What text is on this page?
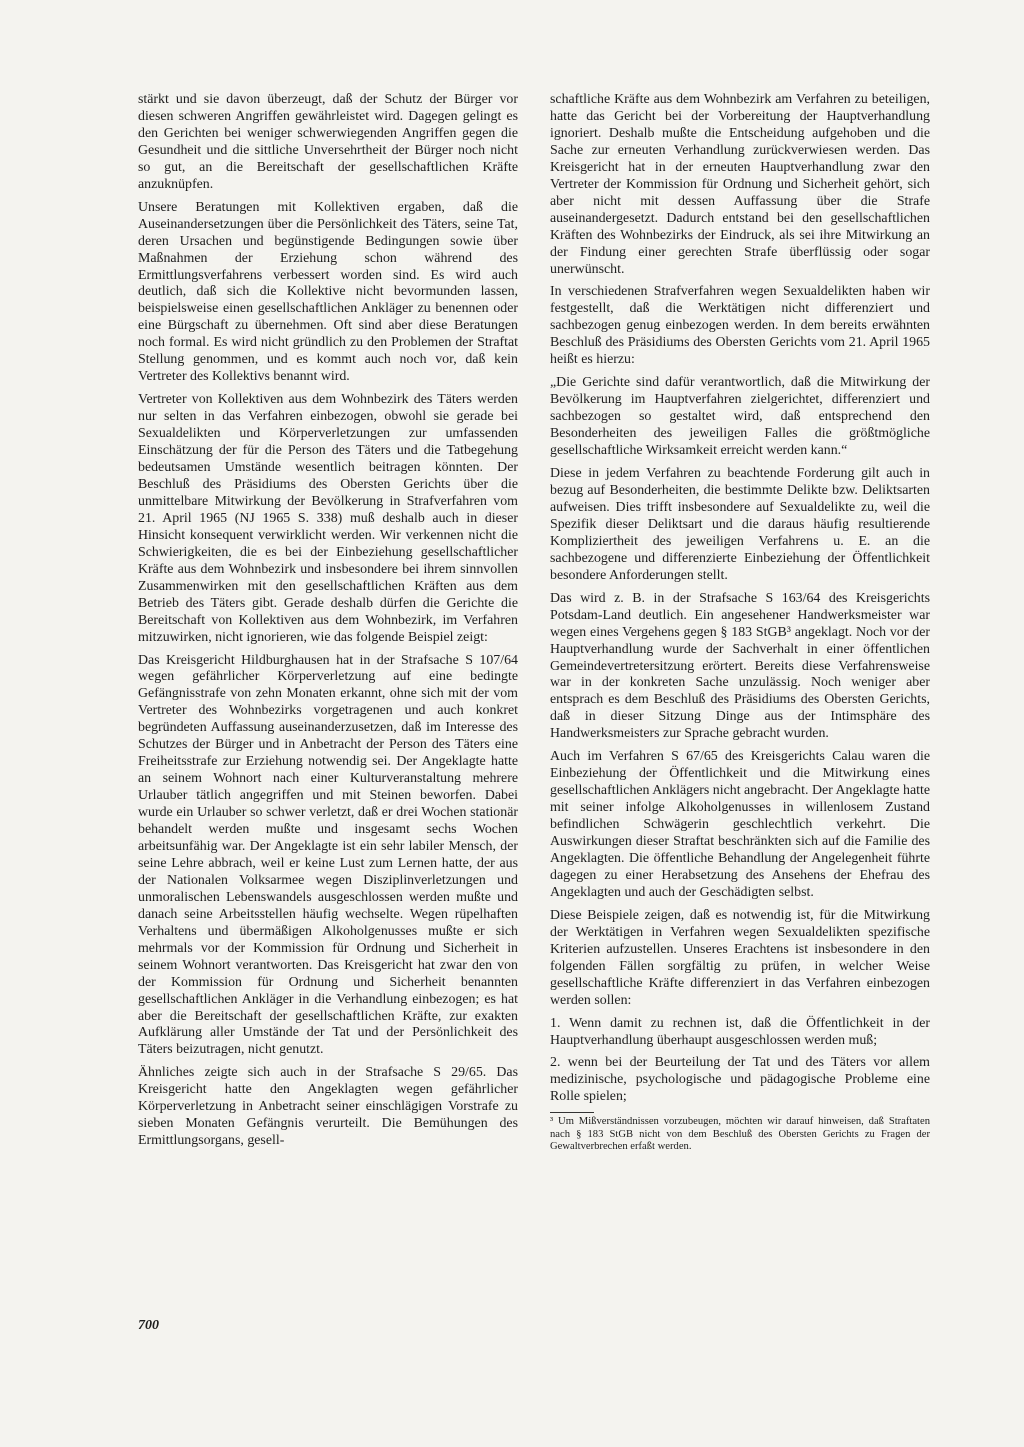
stärkt und sie davon überzeugt, daß der Schutz der Bürger vor diesen schweren Angriffen gewährleistet wird. Dagegen gelingt es den Gerichten bei weniger schwerwiegenden Angriffen gegen die Gesundheit und die sittliche Unversehrtheit der Bürger noch nicht so gut, an die Bereitschaft der gesellschaftlichen Kräfte anzuknüpfen.

Unsere Beratungen mit Kollektiven ergaben, daß die Auseinandersetzungen über die Persönlichkeit des Täters, seine Tat, deren Ursachen und begünstigende Bedingungen sowie über Maßnahmen der Erziehung schon während des Ermittlungsverfahrens verbessert worden sind. Es wird auch deutlich, daß sich die Kollektive nicht bevormunden lassen, beispielsweise einen gesellschaftlichen Ankläger zu benennen oder eine Bürgschaft zu übernehmen. Oft sind aber diese Beratungen noch formal. Es wird nicht gründlich zu den Problemen der Straftat Stellung genommen, und es kommt auch noch vor, daß kein Vertreter des Kollektivs benannt wird.

Vertreter von Kollektiven aus dem Wohnbezirk des Täters werden nur selten in das Verfahren einbezogen, obwohl sie gerade bei Sexualdelikten und Körperverletzungen zur umfassenden Einschätzung der für die Person des Täters und die Tatbegehung bedeutsamen Umstände wesentlich beitragen könnten. Der Beschluß des Präsidiums des Obersten Gerichts über die unmittelbare Mitwirkung der Bevölkerung in Strafverfahren vom 21. April 1965 (NJ 1965 S. 338) muß deshalb auch in dieser Hinsicht konsequent verwirklicht werden. Wir verkennen nicht die Schwierigkeiten, die es bei der Einbeziehung gesellschaftlicher Kräfte aus dem Wohnbezirk und insbesondere bei ihrem sinnvollen Zusammenwirken mit den gesellschaftlichen Kräften aus dem Betrieb des Täters gibt. Gerade deshalb dürfen die Gerichte die Bereitschaft von Kollektiven aus dem Wohnbezirk, im Verfahren mitzuwirken, nicht ignorieren, wie das folgende Beispiel zeigt:

Das Kreisgericht Hildburghausen hat in der Strafsache S 107/64 wegen gefährlicher Körperverletzung auf eine bedingte Gefängnisstrafe von zehn Monaten erkannt, ohne sich mit der vom Vertreter des Wohnbezirks vorgetragenen und auch konkret begründeten Auffassung auseinanderzusetzen, daß im Interesse des Schutzes der Bürger und in Anbetracht der Person des Täters eine Freiheitsstrafe zur Erziehung notwendig sei. Der Angeklagte hatte an seinem Wohnort nach einer Kulturveranstaltung mehrere Urlauber tätlich angegriffen und mit Steinen beworfen. Dabei wurde ein Urlauber so schwer verletzt, daß er drei Wochen stationär behandelt werden mußte und insgesamt sechs Wochen arbeitsunfähig war. Der Angeklagte ist ein sehr labiler Mensch, der seine Lehre abbrach, weil er keine Lust zum Lernen hatte, der aus der Nationalen Volksarmee wegen Disziplinverletzungen und unmoralischen Lebenswandels ausgeschlossen werden mußte und danach seine Arbeitsstellen häufig wechselte. Wegen rüpelhaften Verhaltens und übermäßigen Alkoholgenusses mußte er sich mehrmals vor der Kommission für Ordnung und Sicherheit in seinem Wohnort verantworten. Das Kreisgericht hat zwar den von der Kommission für Ordnung und Sicherheit benannten gesellschaftlichen Ankläger in die Verhandlung einbezogen; es hat aber die Bereitschaft der gesellschaftlichen Kräfte, zur exakten Aufklärung aller Umstände der Tat und der Persönlichkeit des Täters beizutragen, nicht genutzt.

Ähnliches zeigte sich auch in der Strafsache S 29/65. Das Kreisgericht hatte den Angeklagten wegen gefährlicher Körperverletzung in Anbetracht seiner einschlägigen Vorstrafe zu sieben Monaten Gefängnis verurteilt. Die Bemühungen des Ermittlungsorgans, gesell-

schaftliche Kräfte aus dem Wohnbezirk am Verfahren zu beteiligen, hatte das Gericht bei der Vorbereitung der Hauptverhandlung ignoriert. Deshalb mußte die Entscheidung aufgehoben und die Sache zur erneuten Verhandlung zurückverwiesen werden. Das Kreisgericht hat in der erneuten Hauptverhandlung zwar den Vertreter der Kommission für Ordnung und Sicherheit gehört, sich aber nicht mit dessen Auffassung über die Strafe auseinandergesetzt. Dadurch entstand bei den gesellschaftlichen Kräften des Wohnbezirks der Eindruck, als sei ihre Mitwirkung an der Findung einer gerechten Strafe überflüssig oder sogar unerwünscht.

In verschiedenen Strafverfahren wegen Sexualdelikten haben wir festgestellt, daß die Werktätigen nicht differenziert und sachbezogen genug einbezogen werden. In dem bereits erwähnten Beschluß des Präsidiums des Obersten Gerichts vom 21. April 1965 heißt es hierzu:

„Die Gerichte sind dafür verantwortlich, daß die Mitwirkung der Bevölkerung im Hauptverfahren zielgerichtet, differenziert und sachbezogen so gestaltet wird, daß entsprechend den Besonderheiten des jeweiligen Falles die größtmögliche gesellschaftliche Wirksamkeit erreicht werden kann.“

Diese in jedem Verfahren zu beachtende Forderung gilt auch in bezug auf Besonderheiten, die bestimmte Delikte bzw. Deliktsarten aufweisen. Dies trifft insbesondere auf Sexualdelikte zu, weil die Spezifik dieser Deliktsart und die daraus häufig resultierende Kompliziertheit des jeweiligen Verfahrens u. E. an die sachbezogene und differenzierte Einbeziehung der Öffentlichkeit besondere Anforderungen stellt.

Das wird z. B. in der Strafsache S 163/64 des Kreisgerichts Potsdam-Land deutlich. Ein angesehener Handwerksmeister war wegen eines Vergehens gegen § 183 StGB³ angeklagt. Noch vor der Hauptverhandlung wurde der Sachverhalt in einer öffentlichen Gemeindevertretersitzung erörtert. Bereits diese Verfahrensweise war in der konkreten Sache unzulässig. Noch weniger aber entsprach es dem Beschluß des Präsidiums des Obersten Gerichts, daß in dieser Sitzung Dinge aus der Intimsphäre des Handwerksmeisters zur Sprache gebracht wurden.

Auch im Verfahren S 67/65 des Kreisgerichts Calau waren die Einbeziehung der Öffentlichkeit und die Mitwirkung eines gesellschaftlichen Anklägers nicht angebracht. Der Angeklagte hatte mit seiner infolge Alkoholgenusses in willenlosem Zustand befindlichen Schwägerin geschlechtlich verkehrt. Die Auswirkungen dieser Straftat beschränkten sich auf die Familie des Angeklagten. Die öffentliche Behandlung der Angelegenheit führte dagegen zu einer Herabsetzung des Ansehens der Ehefrau des Angeklagten und auch der Geschädigten selbst.

Diese Beispiele zeigen, daß es notwendig ist, für die Mitwirkung der Werktätigen in Verfahren wegen Sexualdelikten spezifische Kriterien aufzustellen. Unseres Erachtens ist insbesondere in den folgenden Fällen sorgfältig zu prüfen, in welcher Weise gesellschaftliche Kräfte differenziert in das Verfahren einbezogen werden sollen:

1. Wenn damit zu rechnen ist, daß die Öffentlichkeit in der Hauptverhandlung überhaupt ausgeschlossen werden muß;

2. wenn bei der Beurteilung der Tat und des Täters vor allem medizinische, psychologische und pädagogische Probleme eine Rolle spielen;

³ Um Mißverständnissen vorzubeugen, möchten wir darauf hinweisen, daß Straftaten nach § 183 StGB nicht von dem Beschluß des Obersten Gerichts zu Fragen der Gewaltverbrechen erfaßt werden.

700
